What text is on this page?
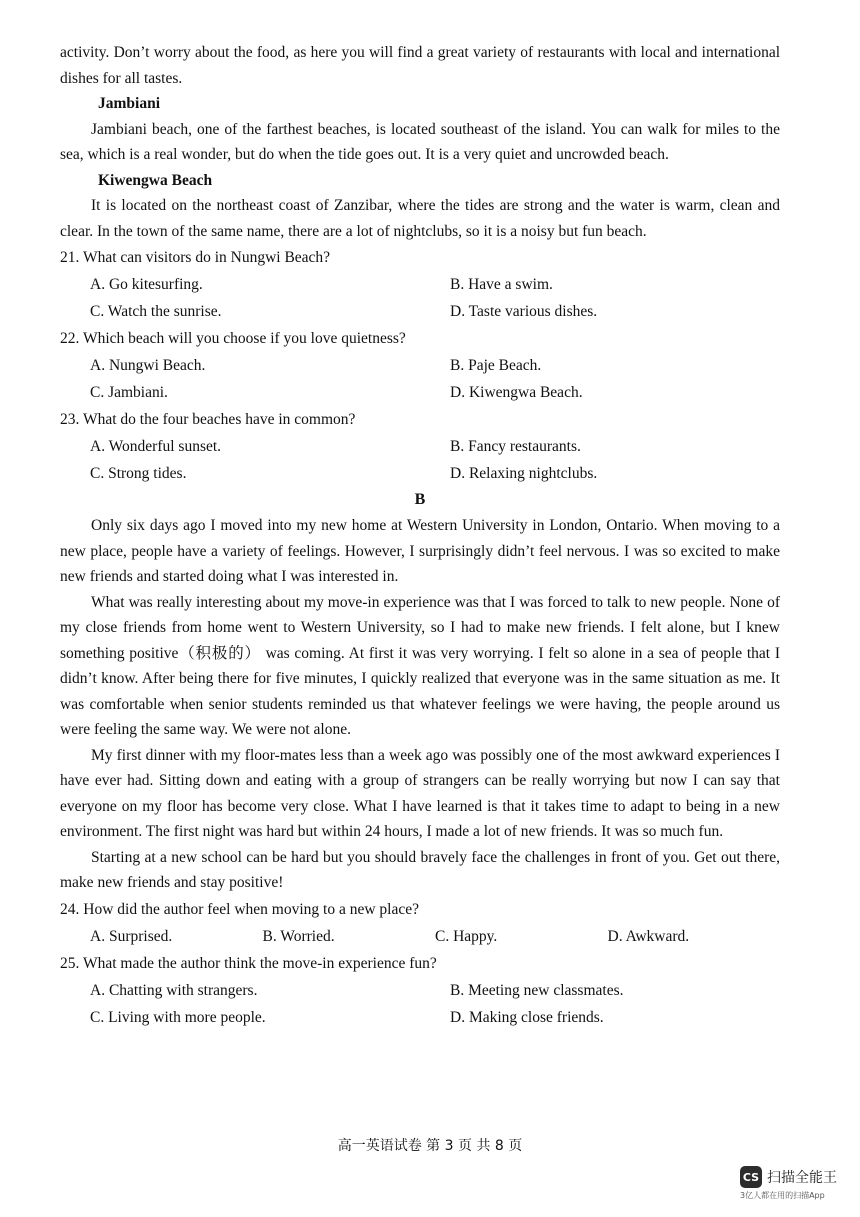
activity. Don’t worry about the food, as here you will find a great variety of restaurants with local and international dishes for all tastes.

Jambiani

Jambiani beach, one of the farthest beaches, is located southeast of the island. You can walk for miles to the sea, which is a real wonder, but do when the tide goes out. It is a very quiet and uncrowded beach.

Kiwengwa Beach

It is located on the northeast coast of Zanzibar, where the tides are strong and the water is warm, clean and clear. In the town of the same name, there are a lot of nightclubs, so it is a noisy but fun beach.

21. What can visitors do in Nungwi Beach?

A. Go kitesurfing.	B. Have a swim.
C. Watch the sunrise.	D. Taste various dishes.

22. Which beach will you choose if you love quietness?

A. Nungwi Beach.	B. Paje Beach.
C. Jambiani.	D. Kiwengwa Beach.

23. What do the four beaches have in common?

A. Wonderful sunset.	B. Fancy restaurants.
C. Strong tides.	D. Relaxing nightclubs.

B

Only six days ago I moved into my new home at Western University in London, Ontario. When moving to a new place, people have a variety of feelings. However, I surprisingly didn’t feel nervous. I was so excited to make new friends and started doing what I was interested in.

What was really interesting about my move-in experience was that I was forced to talk to new people. None of my close friends from home went to Western University, so I had to make new friends. I felt alone, but I knew something positive（积极的） was coming. At first it was very worrying. I felt so alone in a sea of people that I didn’t know. After being there for five minutes, I quickly realized that everyone was in the same situation as me. It was comfortable when senior students reminded us that whatever feelings we were having, the people around us were feeling the same way. We were not alone.

My first dinner with my floor-mates less than a week ago was possibly one of the most awkward experiences I have ever had. Sitting down and eating with a group of strangers can be really worrying but now I can say that everyone on my floor has become very close. What I have learned is that it takes time to adapt to being in a new environment. The first night was hard but within 24 hours, I made a lot of new friends. It was so much fun.

Starting at a new school can be hard but you should bravely face the challenges in front of you. Get out there, make new friends and stay positive!

24. How did the author feel when moving to a new place?

A. Surprised.	B. Worried.	C. Happy.	D. Awkward.

25. What made the author think the move-in experience fun?

A. Chatting with strangers.	B. Meeting new classmates.
C. Living with more people.	D. Making close friends.
高一英语试卷 第 3 页 共 8 页
CS 扫描全能王
3亿人都在用的扫描App
